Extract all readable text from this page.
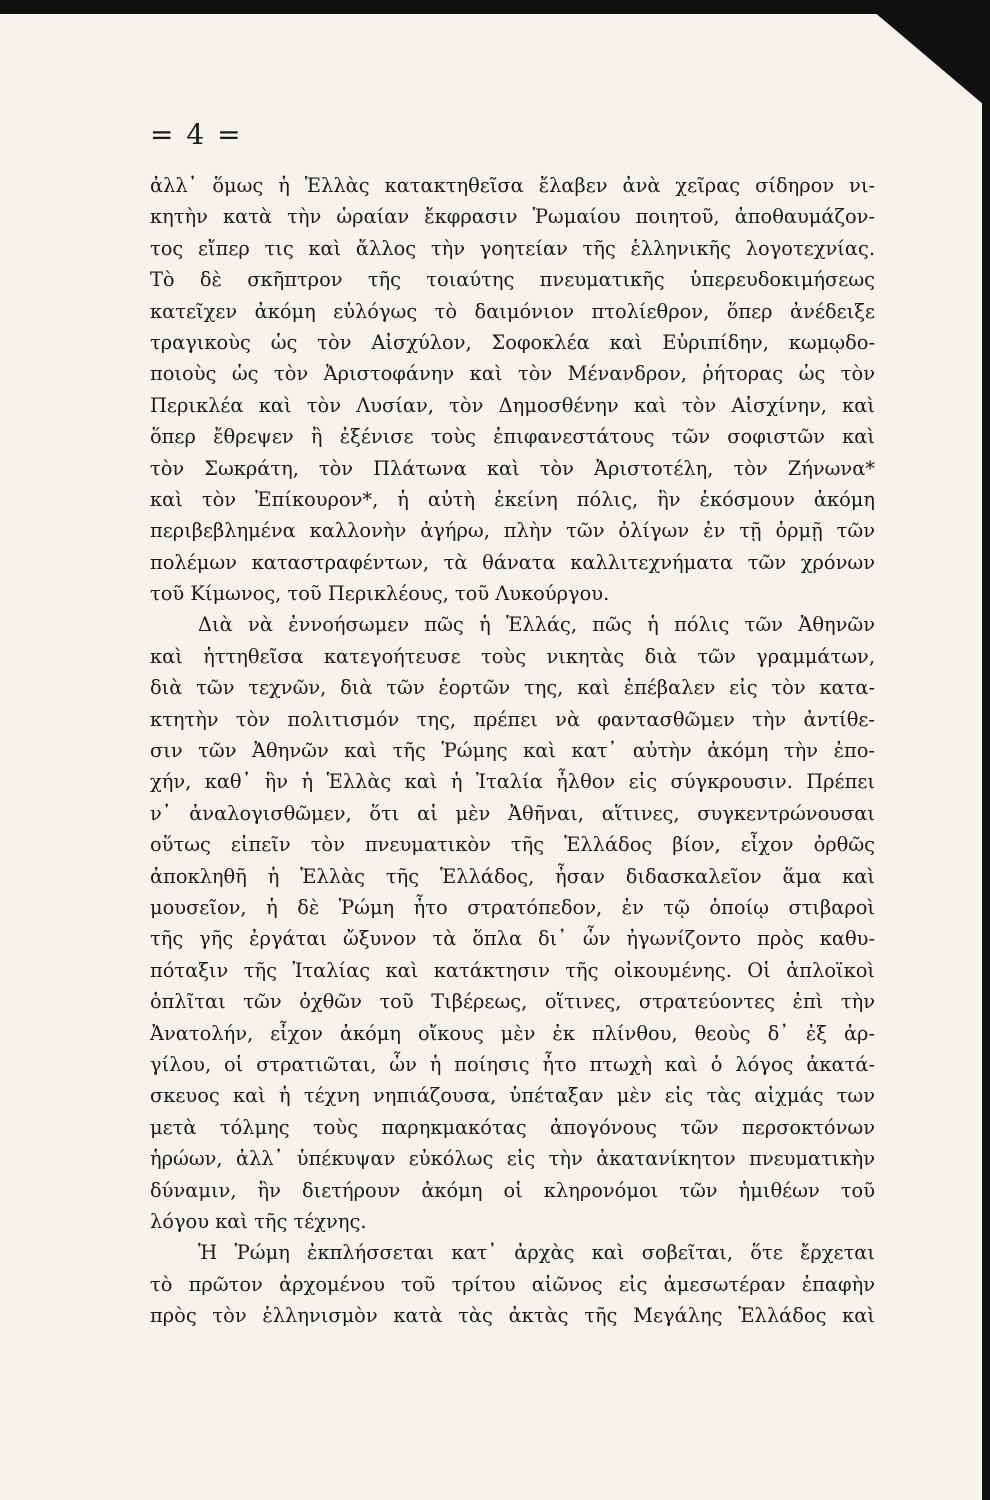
= 4 =
ἀλλ᾽ ὅμως ἡ Ἑλλὰς κατακτηθεῖσα ἔλαβεν ἀνὰ χεῖρας σίδηρον νι-
κητὴν κατὰ τὴν ὡραίαν ἔκφρασιν Ῥωμαίου ποιητοῦ, ἀποθαυμάζον-
τος εἴπερ τις καὶ ἄλλος τὴν γοητείαν τῆς ἑλληνικῆς λογοτεχνίας.
Τὸ δὲ σκῆπτρον τῆς τοιαύτης πνευματικῆς ὑπερευδοκιμήσεως
κατεῖχεν ἀκόμη εὐλόγως τὸ δαιμόνιον πτολίεθρον, ὅπερ ἀνέδειξε
τραγικοὺς ὡς τὸν Αἰσχύλον, Σοφοκλέα καὶ Εὐριπίδην, κωμῳδο-
ποιοὺς ὡς τὸν Ἀριστοφάνην καὶ τὸν Μένανδρον, ῥήτορας ὡς τὸν
Περικλέα καὶ τὸν Λυσίαν, τὸν Δημοσθένην καὶ τὸν Αἰσχίνην, καὶ
ὅπερ ἔθρεψεν ἢ ἐξένισε τοὺς ἐπιφανεστάτους τῶν σοφιστῶν καὶ
τὸν Σωκράτη, τὸν Πλάτωνα καὶ τὸν Ἀριστοτέλη, τὸν Ζήνωνα*
καὶ τὸν Ἐπίκουρον*, ἡ αὐτὴ ἐκείνη πόλις, ἣν ἐκόσμουν ἀκόμη
περιβεβλημένα καλλονὴν ἀγήρω, πλὴν τῶν ὀλίγων ἐν τῇ ὁρμῇ τῶν
πολέμων καταστραφέντων, τὰ θάνατα καλλιτεχνήματα τῶν χρόνων
τοῦ Κίμωνος, τοῦ Περικλέους, τοῦ Λυκούργου.
Διὰ νὰ ἐννοήσωμεν πῶς ἡ Ἑλλάς, πῶς ἡ πόλις τῶν Ἀθηνῶν
καὶ ἡττηθεῖσα κατεγοήτευσε τοὺς νικητὰς διὰ τῶν γραμμάτων,
διὰ τῶν τεχνῶν, διὰ τῶν ἑορτῶν της, καὶ ἐπέβαλεν εἰς τὸν κατα-
κτητὴν τὸν πολιτισμόν της, πρέπει νὰ φαντασθῶμεν τὴν ἀντίθε-
σιν τῶν Ἀθηνῶν καὶ τῆς Ῥώμης καὶ κατ᾽ αὐτὴν ἀκόμη τὴν ἐπο-
χήν, καθ᾽ ἣν ἡ Ἑλλὰς καὶ ἡ Ἰταλία ἦλθον εἰς σύγκρουσιν. Πρέπει
ν᾽ ἀναλογισθῶμεν, ὅτι αἱ μὲν Ἀθῆναι, αἵτινες, συγκεντρώνουσαι
οὕτως εἰπεῖν τὸν πνευματικὸν τῆς Ἑλλάδος βίον, εἶχον ὀρθῶς
ἀποκληθῆ ἡ Ἑλλὰς τῆς Ἑλλάδος, ἦσαν διδασκαλεῖον ἅμα καὶ
μουσεῖον, ἡ δὲ Ῥώμη ἦτο στρατόπεδον, ἐν τῷ ὁποίῳ στιβαροὶ
τῆς γῆς ἐργάται ὤξυνον τὰ ὅπλα δι᾽ ὧν ἠγωνίζοντο πρὸς καθυ-
πόταξιν τῆς Ἰταλίας καὶ κατάκτησιν τῆς οἰκουμένης. Οἱ ἁπλοϊκοὶ
ὁπλῖται τῶν ὀχθῶν τοῦ Τιβέρεως, οἵτινες, στρατεύοντες ἐπὶ τὴν
Ἀνατολήν, εἶχον ἀκόμη οἴκους μὲν ἐκ πλίνθου, θεοὺς δ᾽ ἐξ ἀρ-
γίλου, οἱ στρατιῶται, ὧν ἡ ποίησις ἦτο πτωχὴ καὶ ὁ λόγος ἀκατά-
σκευος καὶ ἡ τέχνη νηπιάζουσα, ὑπέταξαν μὲν εἰς τὰς αἰχμάς των
μετὰ τόλμης τοὺς παρηκμακότας ἀπογόνους τῶν περσοκτόνων
ἡρώων, ἀλλ᾽ ὑπέκυψαν εὐκόλως εἰς τὴν ἀκατανίκητον πνευματικὴν
δύναμιν, ἣν διετήρουν ἀκόμη οἱ κληρονόμοι τῶν ἡμιθέων τοῦ
λόγου καὶ τῆς τέχνης.
Ἡ Ῥώμη ἐκπλήσσεται κατ᾽ ἀρχὰς καὶ σοβεῖται, ὅτε ἔρχεται
τὸ πρῶτον ἀρχομένου τοῦ τρίτου αἰῶνος εἰς ἀμεσωτέραν ἐπαφὴν
πρὸς τὸν ἑλληνισμὸν κατὰ τὰς ἀκτὰς τῆς Μεγάλης Ἑλλάδος καὶ
